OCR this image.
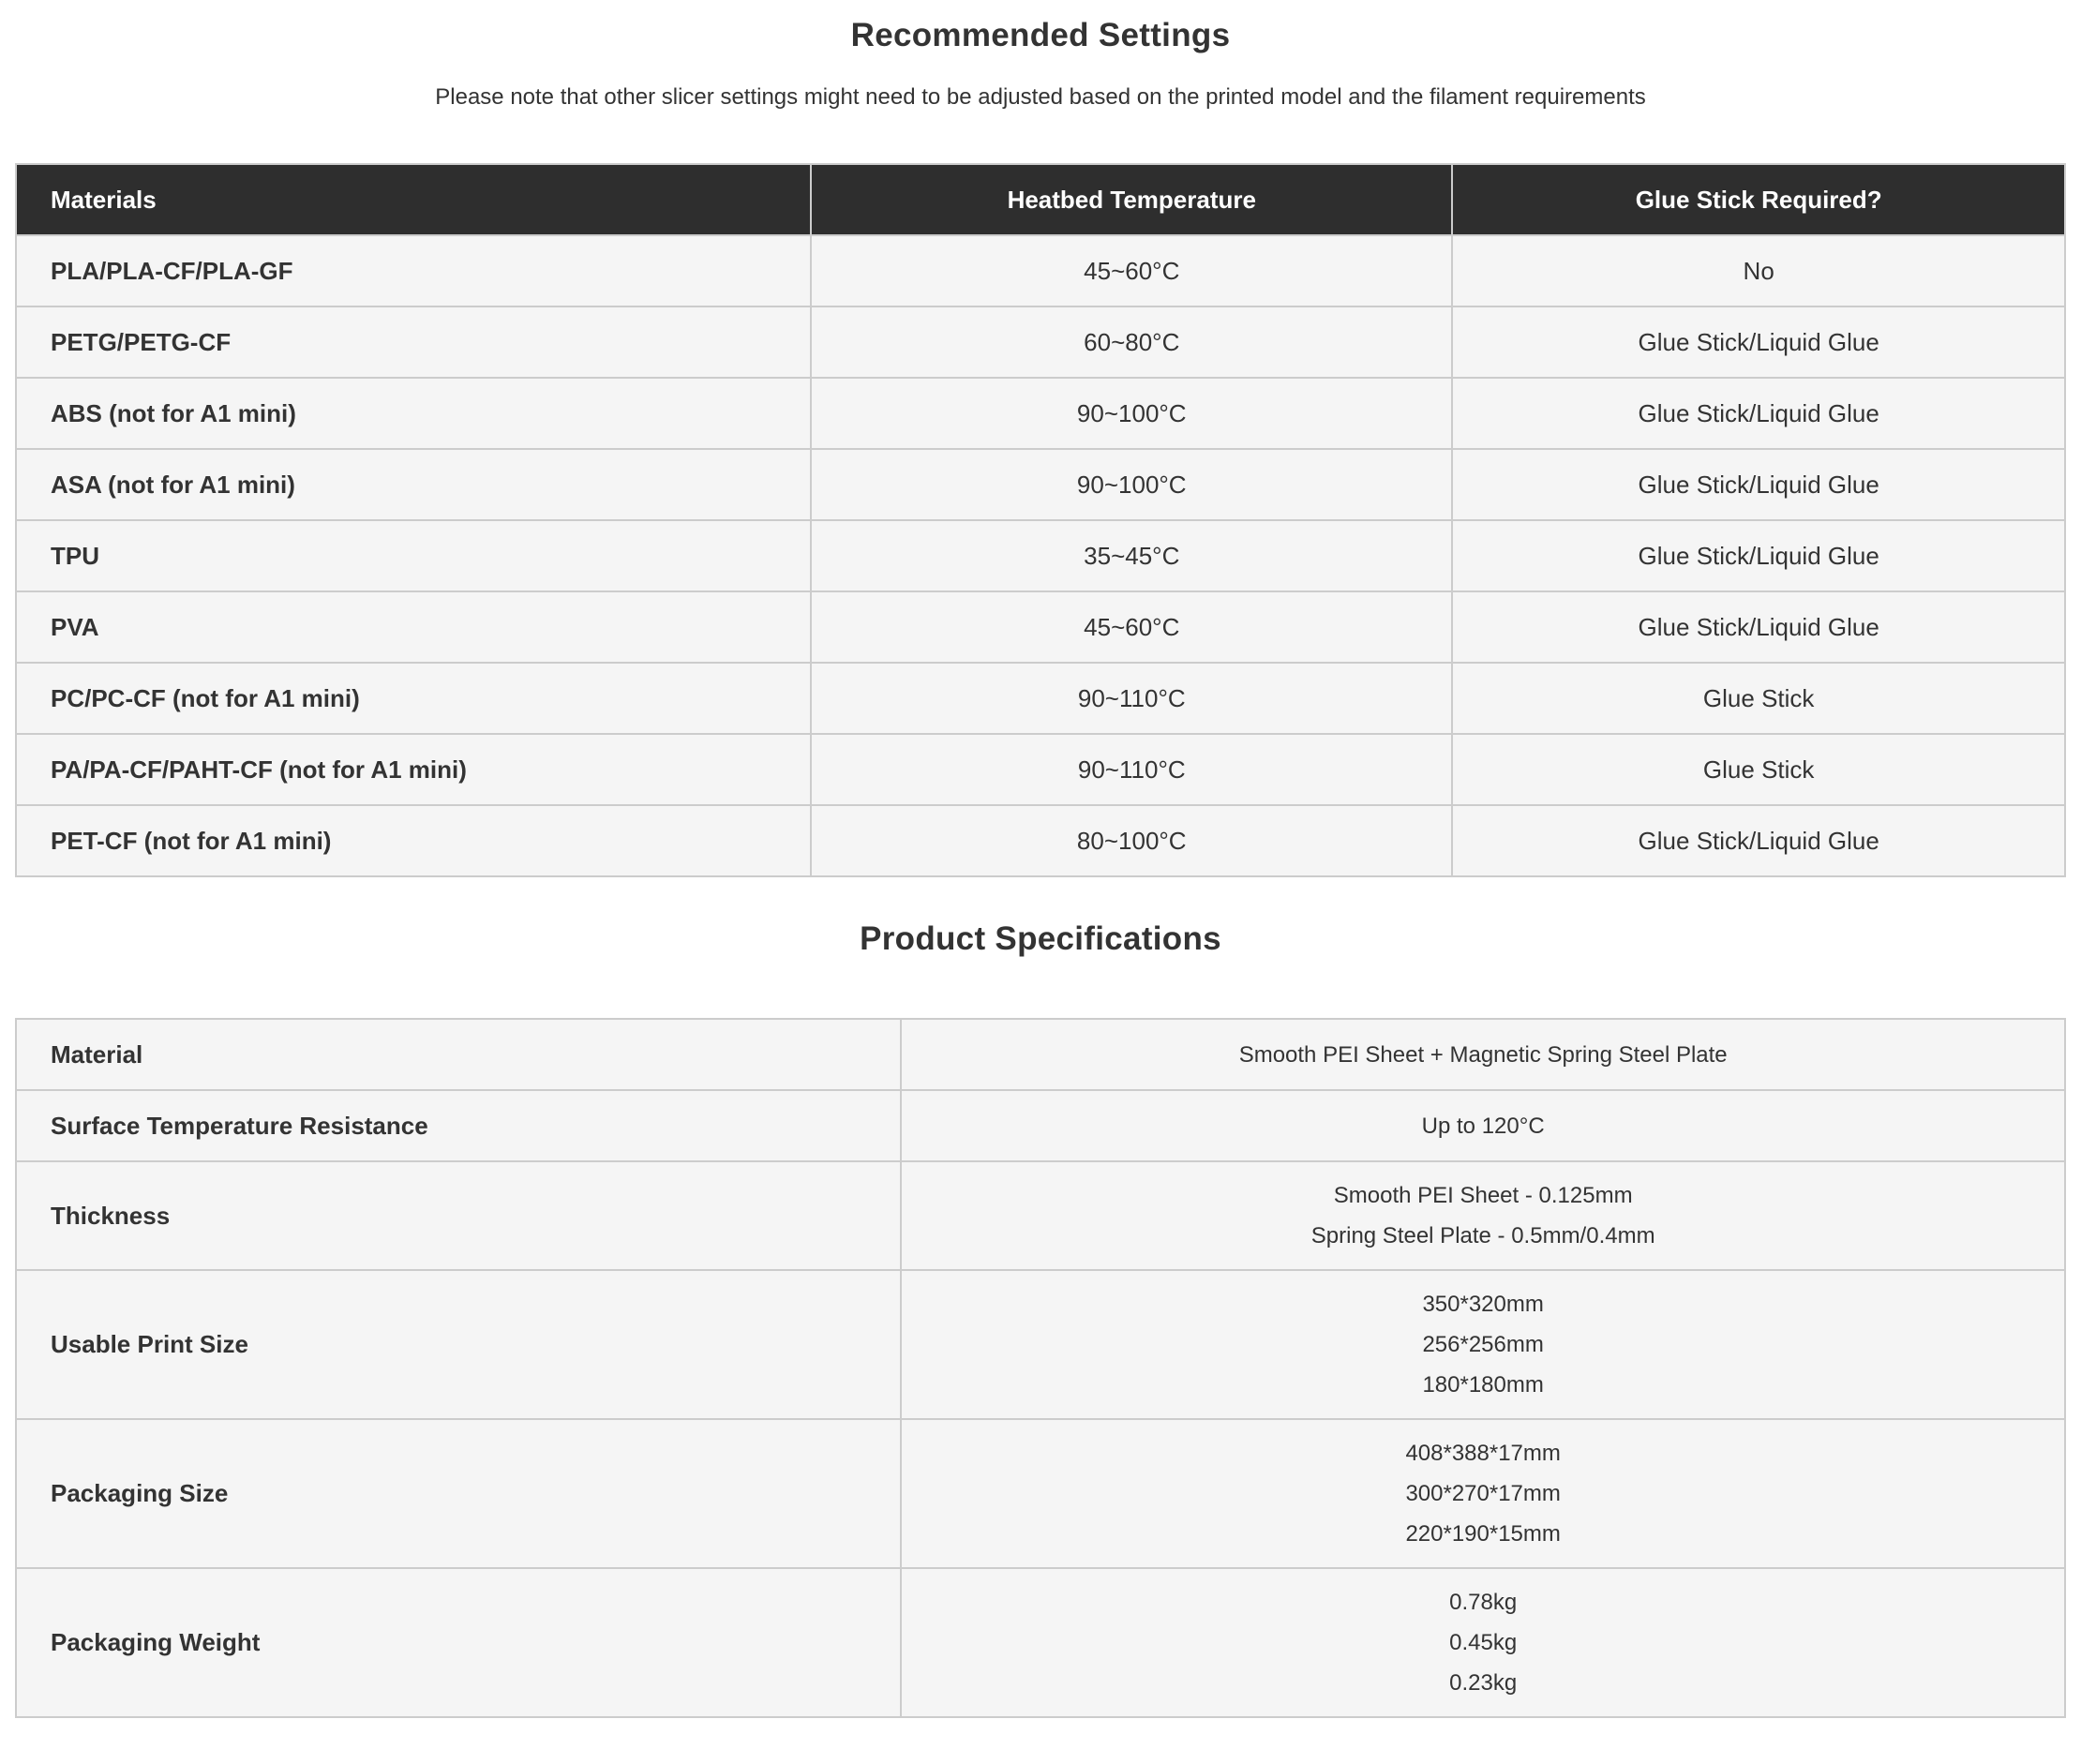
Recommended Settings

Please note that other slicer settings might need to be adjusted based on the printed model and the filament requirements

Materials	Heatbed Temperature	Glue Stick Required?
PLA/PLA-CF/PLA-GF	45~60°C	No
PETG/PETG-CF	60~80°C	Glue Stick/Liquid Glue
ABS (not for A1 mini)	90~100°C	Glue Stick/Liquid Glue
ASA (not for A1 mini)	90~100°C	Glue Stick/Liquid Glue
TPU	35~45°C	Glue Stick/Liquid Glue
PVA	45~60°C	Glue Stick/Liquid Glue
PC/PC-CF (not for A1 mini)	90~110°C	Glue Stick
PA/PA-CF/PAHT-CF (not for A1 mini)	90~110°C	Glue Stick
PET-CF (not for A1 mini)	80~100°C	Glue Stick/Liquid Glue
Product Specifications
Material	Smooth PEI Sheet + Magnetic Spring Steel Plate

Surface Temperature Resistance	Up to 120°C

Thickness	Smooth PEI Sheet - 0.125mm
Spring Steel Plate - 0.5mm/0.4mm

Usable Print Size	350*320mm
256*256mm
180*180mm

Packaging Size	408*388*17mm
300*270*17mm
220*190*15mm

Packaging Weight	0.78kg
0.45kg
0.23kg
